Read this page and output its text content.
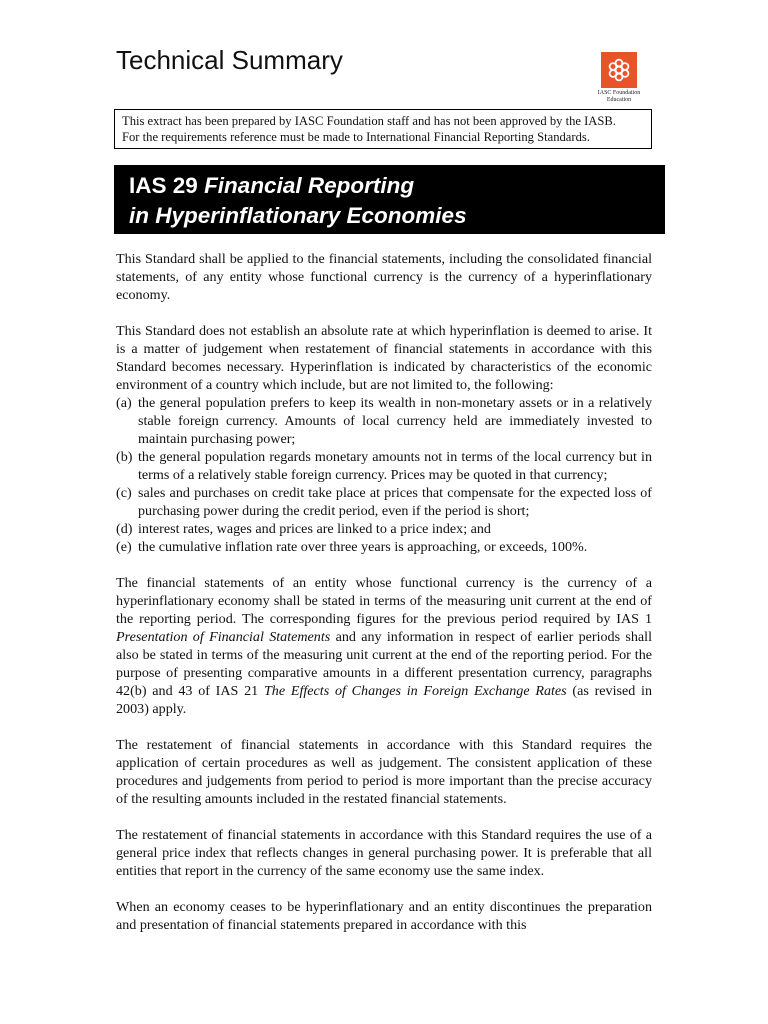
Technical Summary
IASC Foundation
Education

This extract has been prepared by IASC Foundation staff and has not been approved by the IASB.

For the requirements reference must be made to International Financial Reporting Standards.

IAS 29 Financial Reporting
in Hyperinflationary Economies

This Standard shall be applied to the financial statements, including the consolidated financial statements, of any entity whose functional currency is the currency of a hyperinflationary economy.

This Standard does not establish an absolute rate at which hyperinflation is deemed to arise. It is a matter of judgement when restatement of financial statements in accordance with this Standard becomes necessary. Hyperinflation is indicated by characteristics of the economic environment of a country which include, but are not limited to, the following:

(a) the general population prefers to keep its wealth in non-monetary assets or in a relatively stable foreign currency. Amounts of local currency held are immediately invested to maintain purchasing power;
(b) the general population regards monetary amounts not in terms of the local currency but in terms of a relatively stable foreign currency. Prices may be quoted in that currency;
(c) sales and purchases on credit take place at prices that compensate for the expected loss of purchasing power during the credit period, even if the period is short;
(d) interest rates, wages and prices are linked to a price index; and
(e) the cumulative inflation rate over three years is approaching, or exceeds, 100%.

The financial statements of an entity whose functional currency is the currency of a hyperinflationary economy shall be stated in terms of the measuring unit current at the end of the reporting period. The corresponding figures for the previous period required by IAS 1 Presentation of Financial Statements and any information in respect of earlier periods shall also be stated in terms of the measuring unit current at the end of the reporting period. For the purpose of presenting comparative amounts in a different presentation currency, paragraphs 42(b) and 43 of IAS 21 The Effects of Changes in Foreign Exchange Rates (as revised in 2003) apply.

The restatement of financial statements in accordance with this Standard requires the application of certain procedures as well as judgement. The consistent application of these procedures and judgements from period to period is more important than the precise accuracy of the resulting amounts included in the restated financial statements.

The restatement of financial statements in accordance with this Standard requires the use of a general price index that reflects changes in general purchasing power. It is preferable that all entities that report in the currency of the same economy use the same index.

When an economy ceases to be hyperinflationary and an entity discontinues the preparation and presentation of financial statements prepared in accordance with this
